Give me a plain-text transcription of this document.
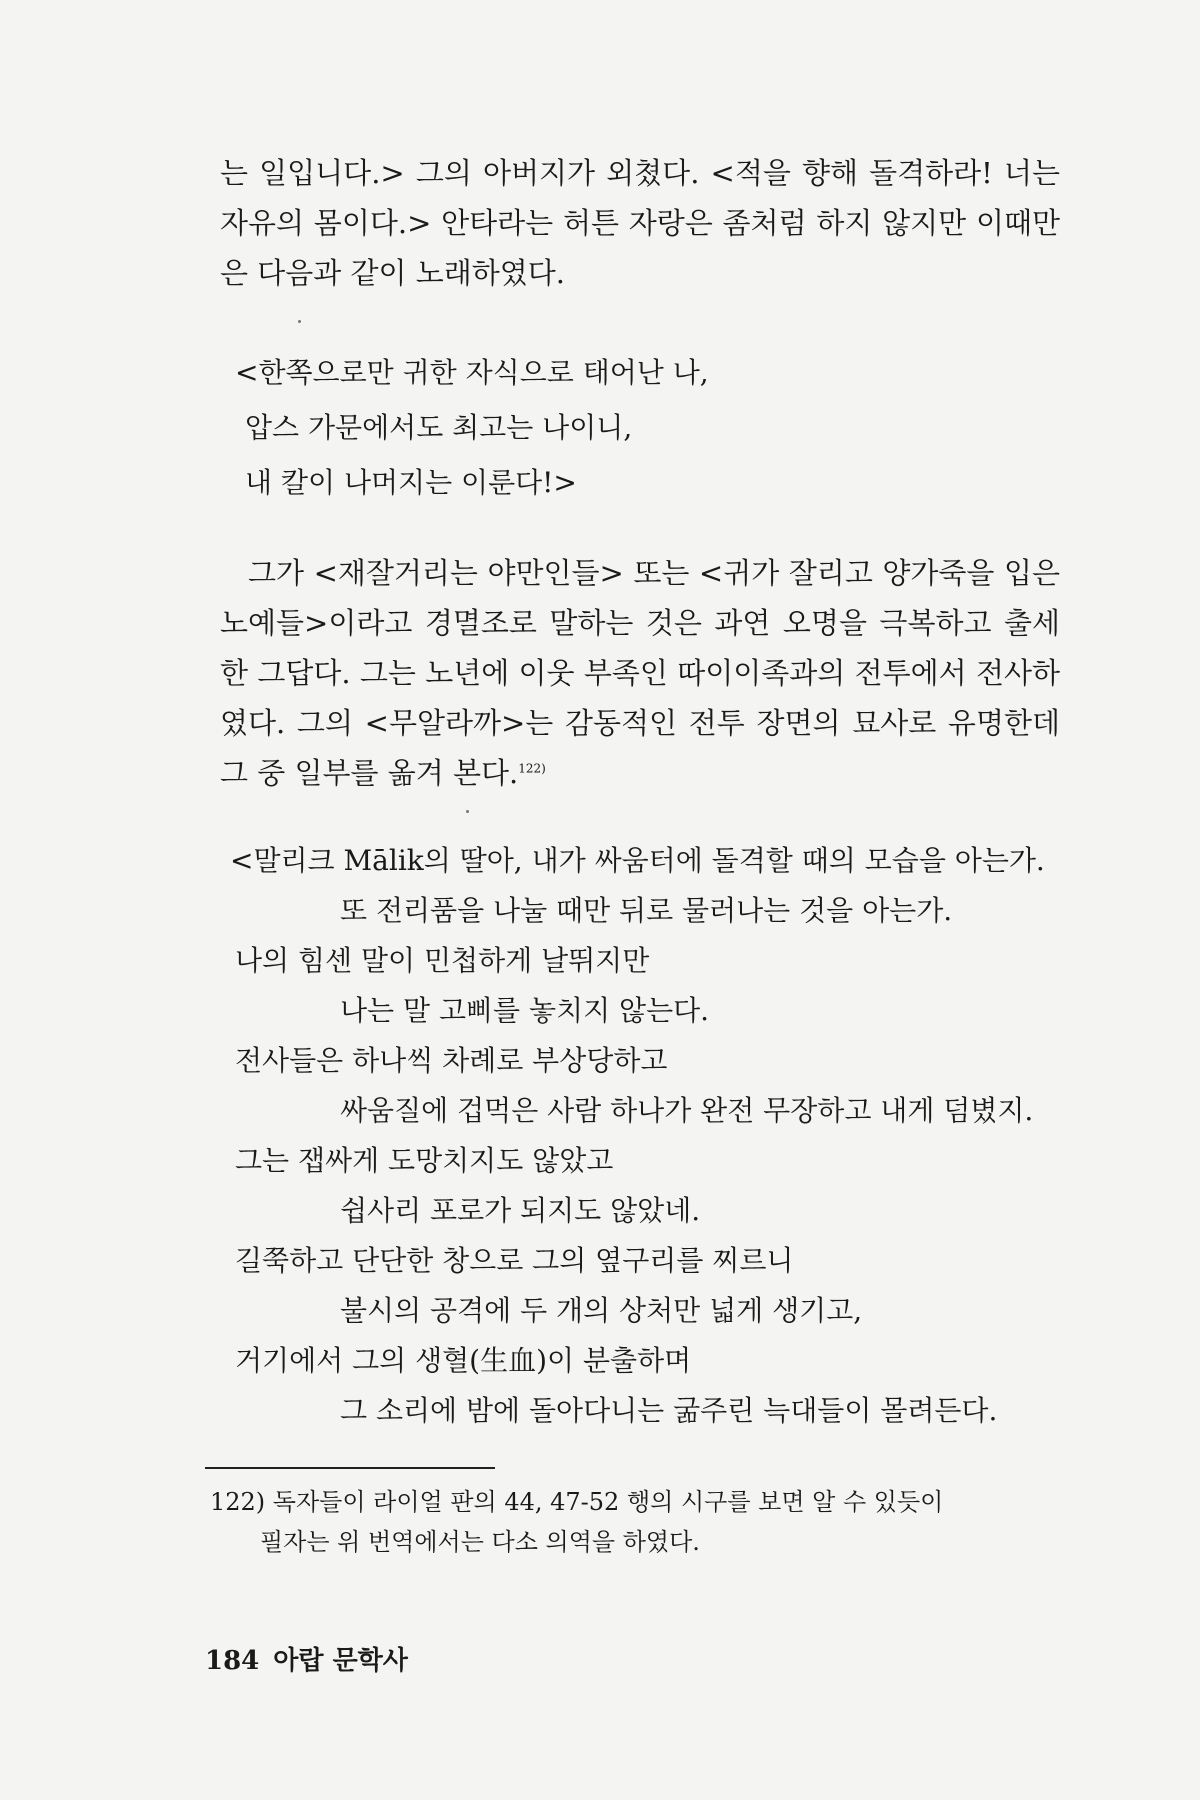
는 일입니다.> 그의 아버지가 외쳤다. <적을 향해 돌격하라! 너는 자유의 몸이다.> 안타라는 허튼 자랑은 좀처럼 하지 않지만 이때만은 다음과 같이 노래하였다.

<한쪽으로만 귀한 자식으로 태어난 나,
압스 가문에서도 최고는 나이니,
내 칼이 나머지는 이룬다!>

그가 <재잘거리는 야만인들> 또는 <귀가 잘리고 양가죽을 입은 노예들>이라고 경멸조로 말하는 것은 과연 오명을 극복하고 출세한 그답다. 그는 노년에 이웃 부족인 따이이족과의 전투에서 전사하였다. 그의 <무알라까>는 감동적인 전투 장면의 묘사로 유명한데 그 중 일부를 옮겨 본다.$^{122)}$

<말리크 Mālik의 딸아, 내가 싸움터에 돌격할 때의 모습을 아는가.
또 전리품을 나눌 때만 뒤로 물러나는 것을 아는가.
나의 힘센 말이 민첩하게 날뛰지만
나는 말 고삐를 놓치지 않는다.
전사들은 하나씩 차례로 부상당하고
싸움질에 겁먹은 사람 하나가 완전 무장하고 내게 덤볐지.
그는 잽싸게 도망치지도 않았고
쉽사리 포로가 되지도 않았네.
길쭉하고 단단한 창으로 그의 옆구리를 찌르니
불시의 공격에 두 개의 상처만 넓게 생기고,
거기에서 그의 생혈(生血)이 분출하며
그 소리에 밤에 돌아다니는 굶주린 늑대들이 몰려든다.
122) 독자들이 라이얼 판의 44, 47-52 행의 시구를 보면 알 수 있듯이
필자는 위 번역에서는 다소 의역을 하였다.
184 아랍 문학사
